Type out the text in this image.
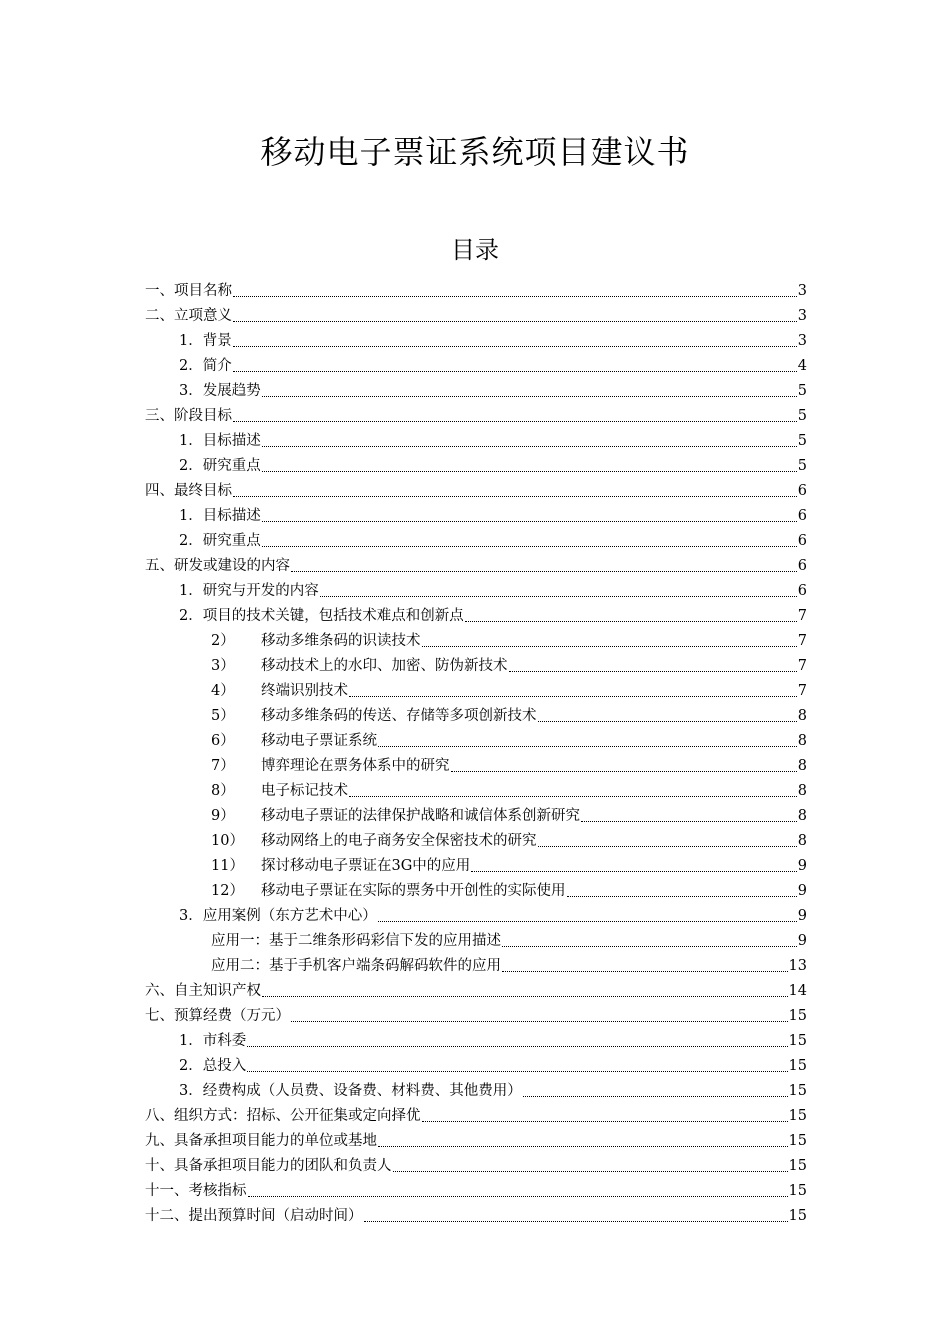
移动电子票证系统项目建议书
目录
一、项目名称	3
二、立项意义	3
1．背景	3
2．简介	4
3．发展趋势	5
三、阶段目标	5
1．目标描述	5
2．研究重点	5
四、最终目标	6
1．目标描述	6
2．研究重点	6
五、研发或建设的内容	6
1．研究与开发的内容	6
2．项目的技术关键，包括技术难点和创新点	7
2） 移动多维条码的识读技术	7
3） 移动技术上的水印、加密、防伪新技术	7
4） 终端识别技术	7
5） 移动多维条码的传送、存储等多项创新技术	8
6） 移动电子票证系统	8
7） 博弈理论在票务体系中的研究	8
8） 电子标记技术	8
9） 移动电子票证的法律保护战略和诚信体系创新研究	8
10） 移动网络上的电子商务安全保密技术的研究	8
11） 探讨移动电子票证在3G中的应用	9
12） 移动电子票证在实际的票务中开创性的实际使用	9
3．应用案例（东方艺术中心）	9
应用一：基于二维条形码彩信下发的应用描述	9
应用二：基于手机客户端条码解码软件的应用	13
六、自主知识产权	14
七、预算经费（万元）	15
1．市科委	15
2．总投入	15
3．经费构成（人员费、设备费、材料费、其他费用）	15
八、组织方式：招标、公开征集或定向择优	15
九、具备承担项目能力的单位或基地	15
十、具备承担项目能力的团队和负责人	15
十一、考核指标	15
十二、提出预算时间（启动时间）	15
